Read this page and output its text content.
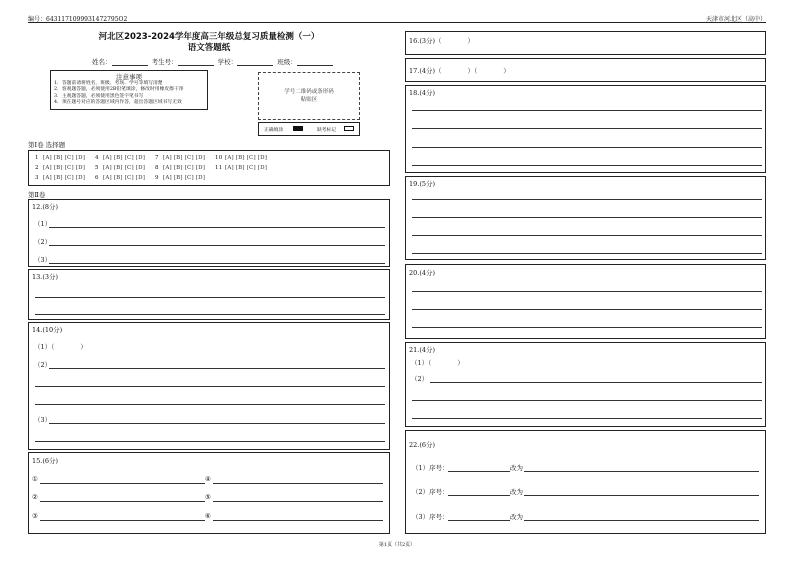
编号：6431171099931472795O2	天津市河北区（高中）
河北区2023-2024学年度高三年级总复习质量检测（一）
语文答题纸
姓名：	考生号：	学校：	班级：
注意事项
1．答题前请将姓名、班级、考场、学号等填写清楚
2．客观题答题，必须使用2B铅笔填涂，修改时用橡皮擦干净
3．主观题答题，必须使用黑色签字笔书写
4．须在题号对应的答题区域内作答，超出答题区域书写无效
学号二维码或条形码
粘贴区
正确填涂	缺考标记
第Ⅰ卷 选择题
1 [A] [B] [C] [D] 4 [A] [B] [C] [D] 7 [A] [B] [C] [D] 10 [A] [B] [C] [D]
2 [A] [B] [C] [D] 5 [A] [B] [C] [D] 8 [A] [B] [C] [D] 11 [A] [B] [C] [D]
3 [A] [B] [C] [D] 6 [A] [B] [C] [D] 9 [A] [B] [C] [D]
第Ⅱ卷
12.(8分)
（1）
（2）
（3）
13.(3分)
14.(10分)
（1）（　　　　）
（2）
（3）
15.(6分)
①	④
②	⑤
③	⑥
16.(3分)（　　　　）
17.(4分)（　　　　）（　　　　）
18.(4分)
19.(5分)
20.(4分)
21.(4分)
（1）（　　　　）
（2）
22.(6分)
（1）序号：	改为
（2）序号：	改为
（3）序号：	改为
第1页（共2页）
